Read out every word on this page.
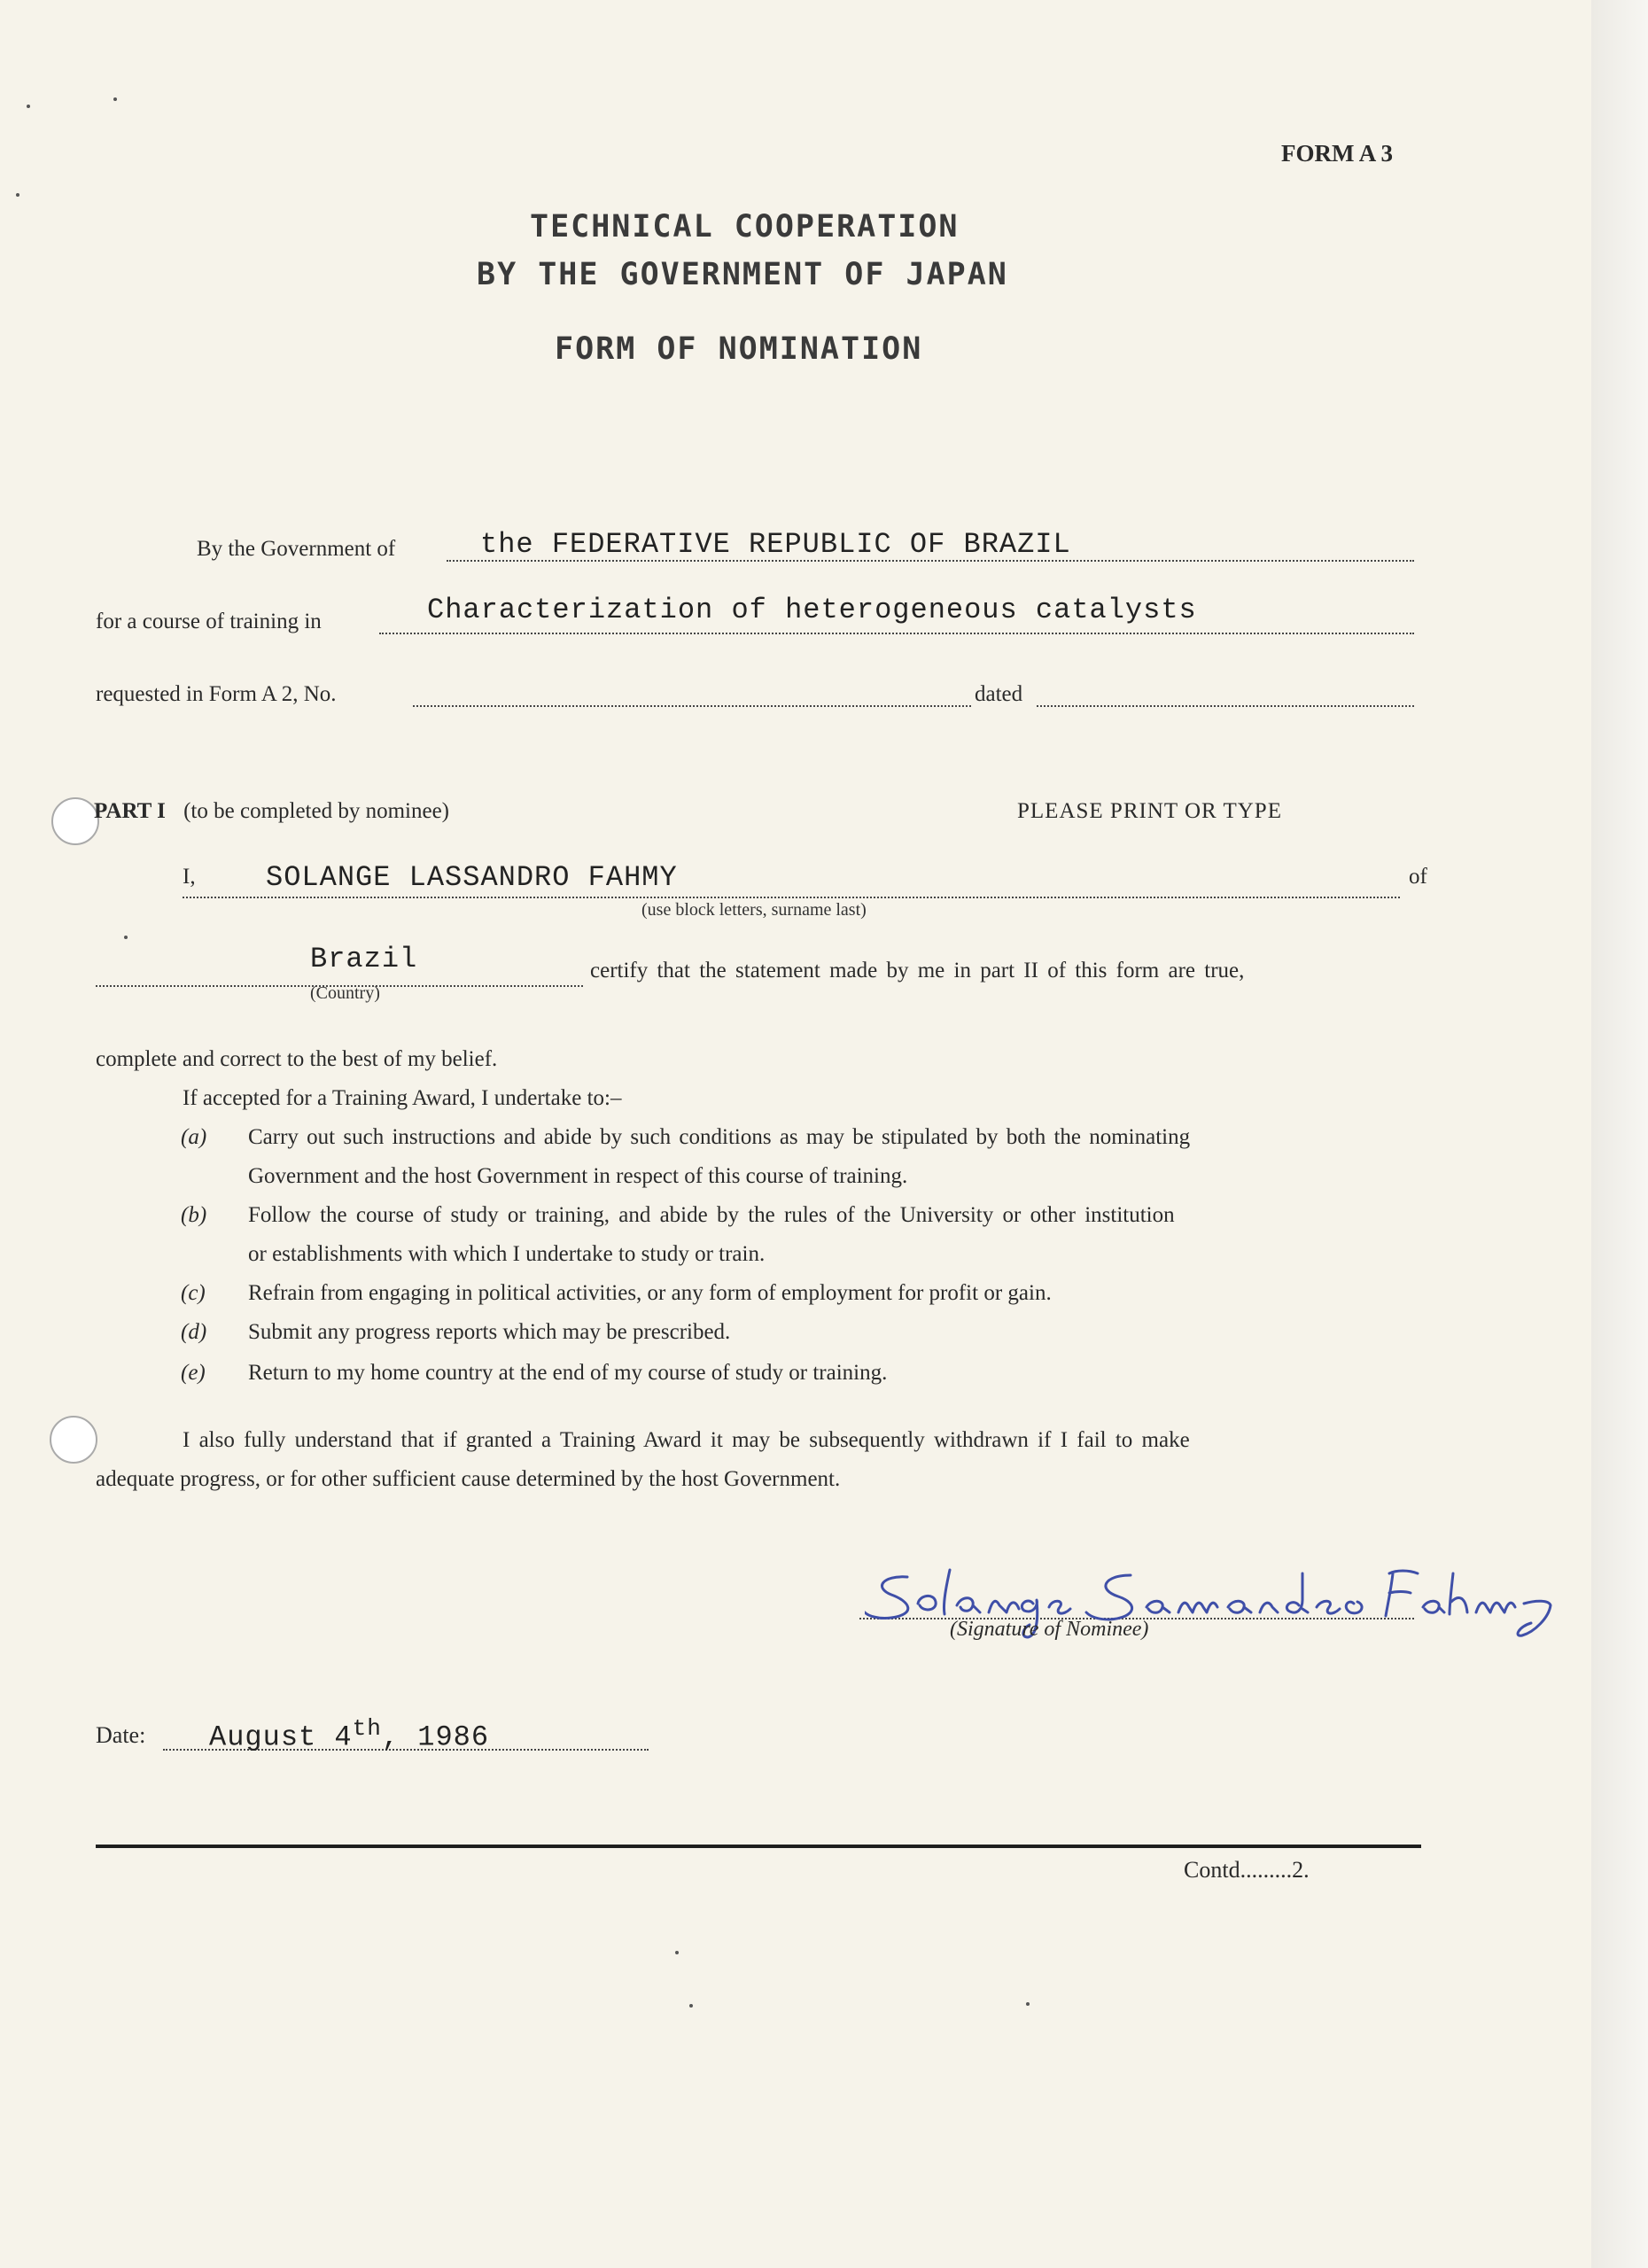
FORM A 3
TECHNICAL COOPERATION
BY THE GOVERNMENT OF JAPAN
FORM OF NOMINATION
By the Government of	the FEDERATIVE REPUBLIC OF BRAZIL
for a course of training in	Characterization of heterogeneous catalysts
requested in Form A 2, No.	dated
PART I (to be completed by nominee)	PLEASE PRINT OR TYPE
I, SOLANGE LASSANDRO FAHMY	of
(use block letters, surname last)
Brazil
(Country)
certify that the statement made by me in part II of this form are true,
complete and correct to the best of my belief.
If accepted for a Training Award, I undertake to:–
(a) Carry out such instructions and abide by such conditions as may be stipulated by both the nominating
Government and the host Government in respect of this course of training.
(b) Follow the course of study or training, and abide by the rules of the University or other institution
or establishments with which I undertake to study or train.
(c) Refrain from engaging in political activities, or any form of employment for profit or gain.
(d) Submit any progress reports which may be prescribed.
(e) Return to my home country at the end of my course of study or training.
I also fully understand that if granted a Training Award it may be subsequently withdrawn if I fail to make
adequate progress, or for other sufficient cause determined by the host Government.
(Signature of Nominee)
Date: August 4th, 1986
Contd.........2.
